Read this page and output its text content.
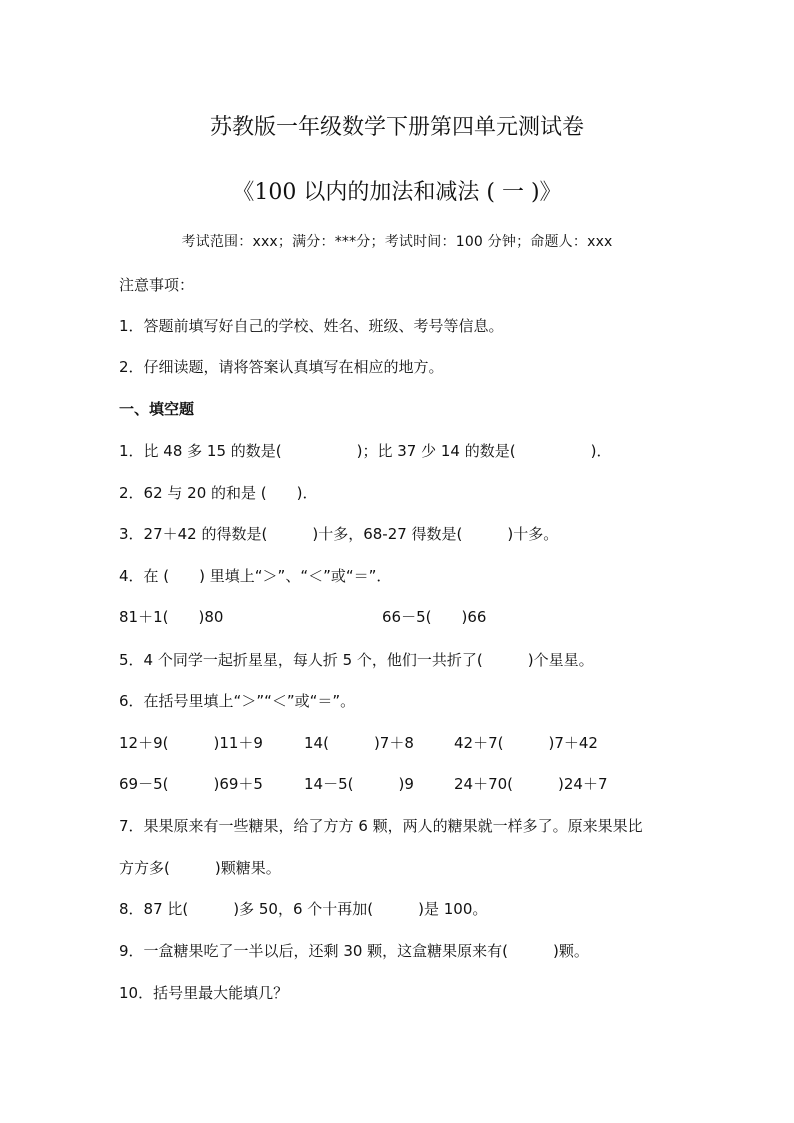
苏教版一年级数学下册第四单元测试卷
《100 以内的加法和减法 ( 一 )》
考试范围：xxx；满分：***分；考试时间：100 分钟；命题人：xxx
注意事项：
1．答题前填写好自己的学校、姓名、班级、考号等信息。
2．仔细读题，请将答案认真填写在相应的地方。
一、填空题
1．比 48 多 15 的数是(　　　　　)；比 37 少 14 的数是(　　　　　)．
2．62 与 20 的和是 (　　)．
3．27＋42 的得数是(　　　)十多，68-27 得数是(　　　)十多。
4．在 (　　) 里填上“＞”、“＜”或“＝”．
81＋1(　　)80	66－5(　　)66
5．4 个同学一起折星星，每人折 5 个，他们一共折了(　　　)个星星。
6．在括号里填上“＞”“＜”或“＝”。
12＋9(　　　)11＋9	14(　　　)7＋8	42＋7(　　　)7＋42
69－5(　　　)69＋5	14－5(　　　)9	24＋70(　　　)24＋7
7．果果原来有一些糖果，给了方方 6 颗，两人的糖果就一样多了。原来果果比
方方多(　　　)颗糖果。
8．87 比(　　　)多 50，6 个十再加(　　　)是 100。
9．一盒糖果吃了一半以后，还剩 30 颗，这盒糖果原来有(　　　)颗。
10．括号里最大能填几？
